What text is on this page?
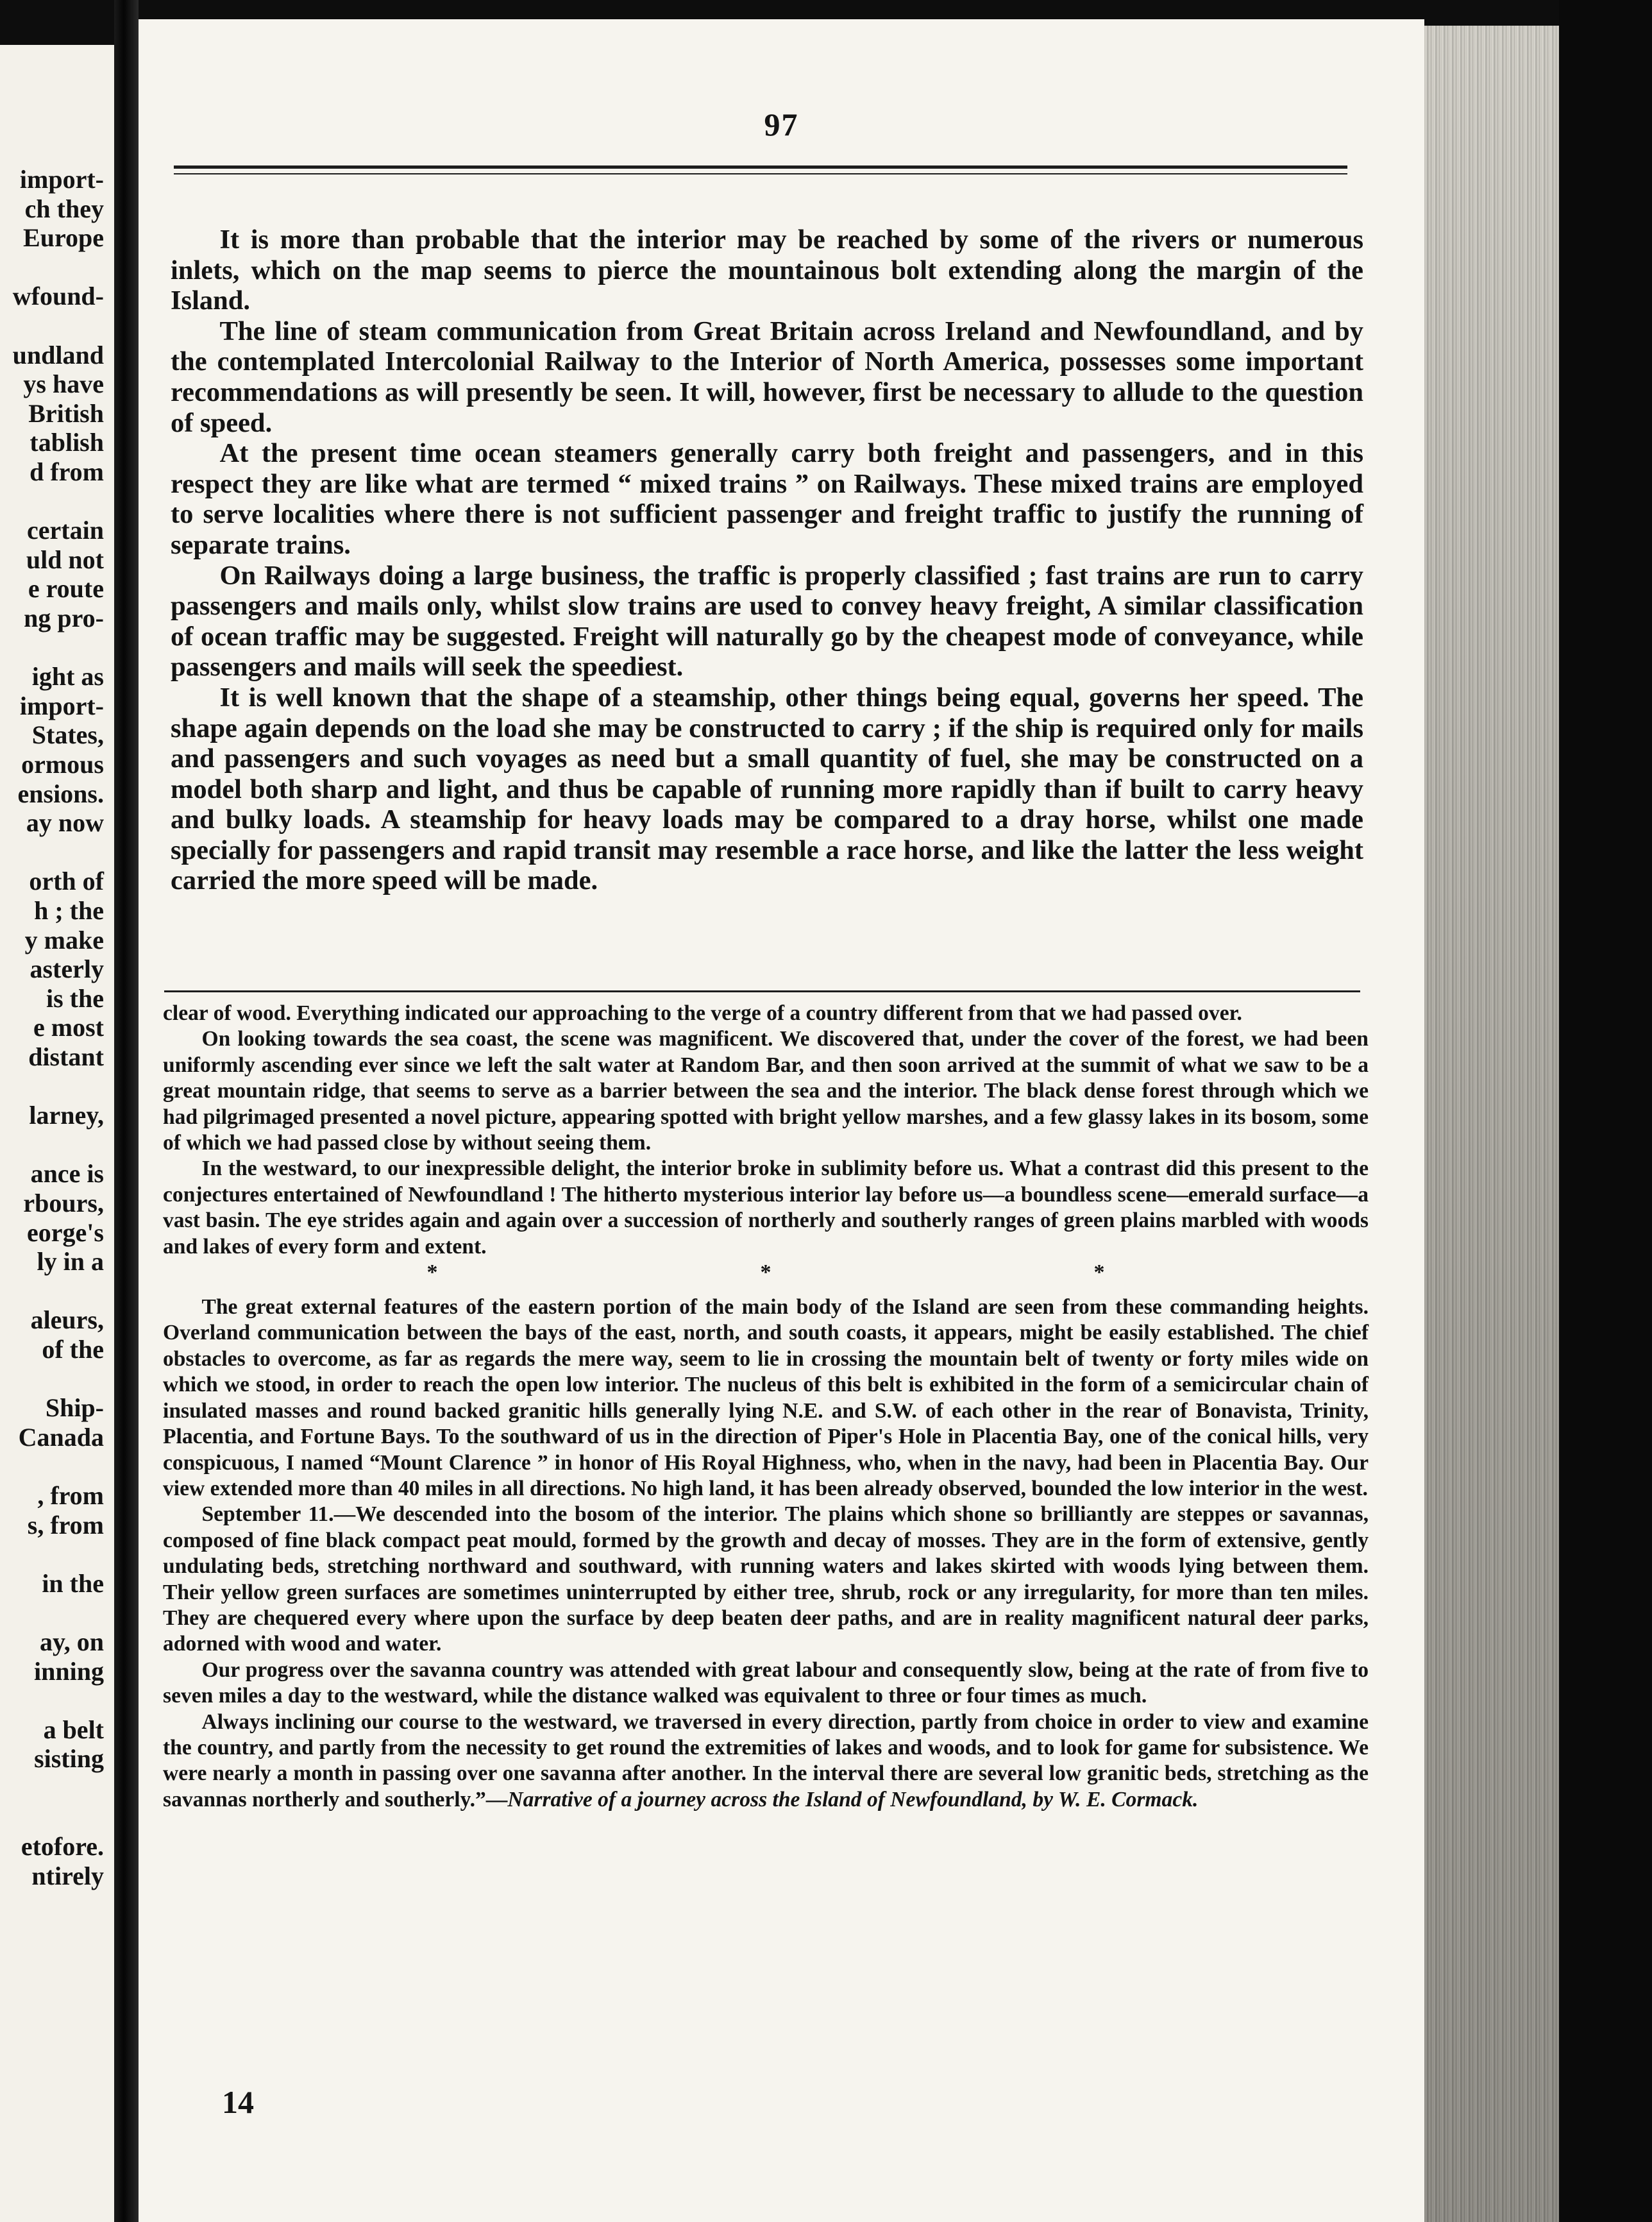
import-
ch they
Europe
wfound-
undland
ys have
British
tablish
d from
certain
uld not
e route
ng pro-
ight as
import-
States,
ormous
ensions.
ay now
orth of
h ; the
y make
asterly
is the
e most
distant
larney,
ance is
rbours,
eorge's
ly in a
aleurs,
of the
Ship-
Canada
, from
s, from
in the
ay, on
inning
a belt
sisting
etofore.
ntirely
97

It is more than probable that the interior may be reached by some of the rivers or numerous inlets, which on the map seems to pierce the mountainous bolt extending along the margin of the Island.

The line of steam communication from Great Britain across Ireland and Newfoundland, and by the contemplated Intercolonial Railway to the Interior of North America, possesses some important recommendations as will presently be seen. It will, however, first be necessary to allude to the question of speed.

At the present time ocean steamers generally carry both freight and passengers, and in this respect they are like what are termed “ mixed trains ” on Railways. These mixed trains are employed to serve localities where there is not sufficient passenger and freight traffic to justify the running of separate trains.

On Railways doing a large business, the traffic is properly classified ; fast trains are run to carry passengers and mails only, whilst slow trains are used to convey heavy freight, A similar classification of ocean traffic may be suggested. Freight will naturally go by the cheapest mode of conveyance, while passengers and mails will seek the speediest.

It is well known that the shape of a steamship, other things being equal, governs her speed. The shape again depends on the load she may be constructed to carry ; if the ship is required only for mails and passengers and such voyages as need but a small quantity of fuel, she may be constructed on a model both sharp and light, and thus be capable of running more rapidly than if built to carry heavy and bulky loads. A steamship for heavy loads may be compared to a dray horse, whilst one made specially for passengers and rapid transit may resemble a race horse, and like the latter the less weight carried the more speed will be made.

clear of wood. Everything indicated our approaching to the verge of a country different from that we had passed over.

On looking towards the sea coast, the scene was magnificent. We discovered that, under the cover of the forest, we had been uniformly ascending ever since we left the salt water at Random Bar, and then soon arrived at the summit of what we saw to be a great mountain ridge, that seems to serve as a barrier between the sea and the interior. The black dense forest through which we had pilgrimaged presented a novel picture, appearing spotted with bright yellow marshes, and a few glassy lakes in its bosom, some of which we had passed close by without seeing them.

In the westward, to our inexpressible delight, the interior broke in sublimity before us. What a contrast did this present to the conjectures entertained of Newfoundland ! The hitherto mysterious interior lay before us—a boundless scene—emerald surface—a vast basin. The eye strides again and again over a succession of northerly and southerly ranges of green plains marbled with woods and lakes of every form and extent.

*	*	*

The great external features of the eastern portion of the main body of the Island are seen from these commanding heights. Overland communication between the bays of the east, north, and south coasts, it appears, might be easily established. The chief obstacles to overcome, as far as regards the mere way, seem to lie in crossing the mountain belt of twenty or forty miles wide on which we stood, in order to reach the open low interior. The nucleus of this belt is exhibited in the form of a semicircular chain of insulated masses and round backed granitic hills generally lying N.E. and S.W. of each other in the rear of Bonavista, Trinity, Placentia, and Fortune Bays. To the southward of us in the direction of Piper's Hole in Placentia Bay, one of the conical hills, very conspicuous, I named “Mount Clarence ” in honor of His Royal Highness, who, when in the navy, had been in Placentia Bay. Our view extended more than 40 miles in all directions. No high land, it has been already observed, bounded the low interior in the west.

September 11.—We descended into the bosom of the interior. The plains which shone so brilliantly are steppes or savannas, composed of fine black compact peat mould, formed by the growth and decay of mosses. They are in the form of extensive, gently undulating beds, stretching northward and southward, with running waters and lakes skirted with woods lying between them. Their yellow green surfaces are sometimes uninterrupted by either tree, shrub, rock or any irregularity, for more than ten miles. They are chequered every where upon the surface by deep beaten deer paths, and are in reality magnificent natural deer parks, adorned with wood and water.

Our progress over the savanna country was attended with great labour and consequently slow, being at the rate of from five to seven miles a day to the westward, while the distance walked was equivalent to three or four times as much.

Always inclining our course to the westward, we traversed in every direction, partly from choice in order to view and examine the country, and partly from the necessity to get round the extremities of lakes and woods, and to look for game for subsistence. We were nearly a month in passing over one savanna after another. In the interval there are several low granitic beds, stretching as the savannas northerly and southerly.”—Narrative of a journey across the Island of Newfoundland, by W. E. Cormack.

14
